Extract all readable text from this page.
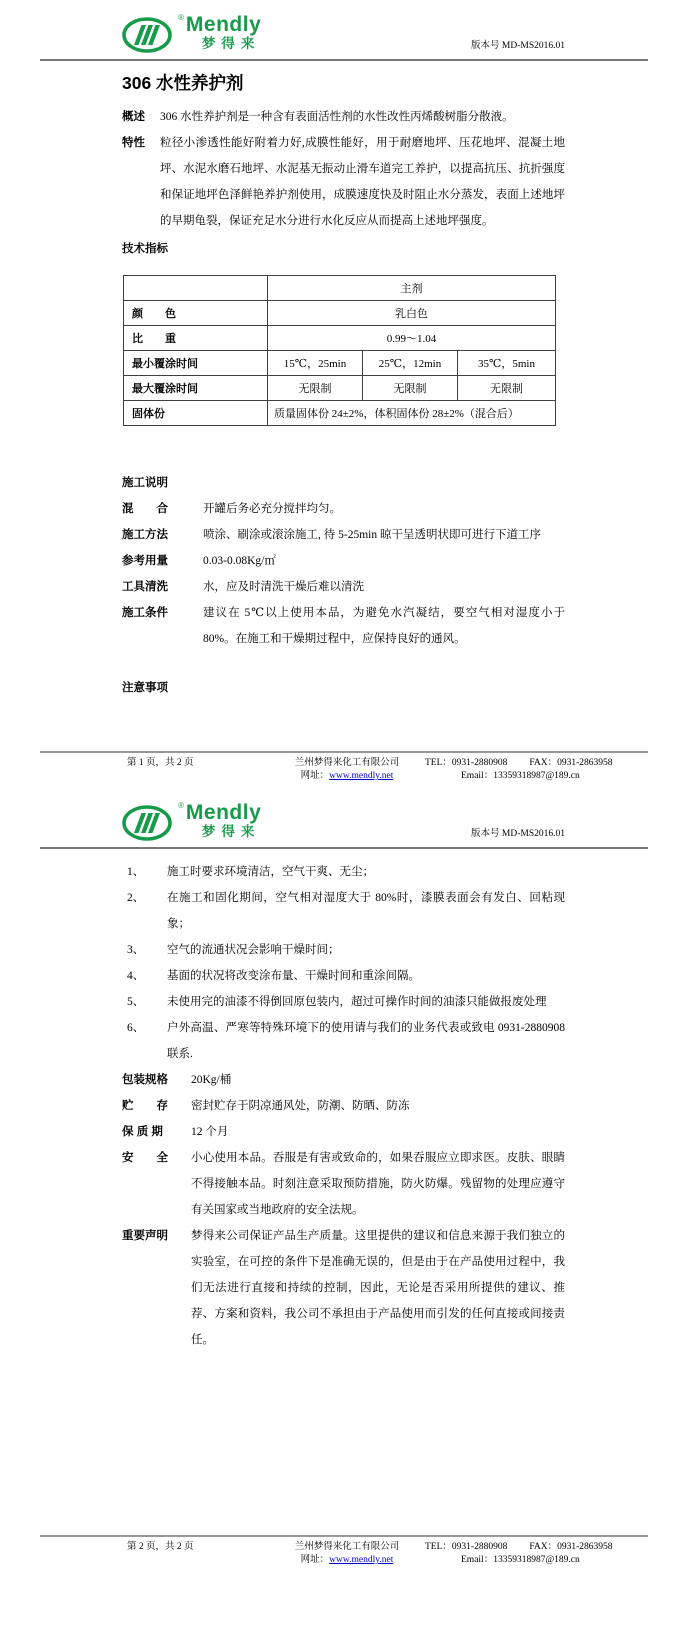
® Mendly
梦得来	版本号 MD-MS2016.01
306 水性养护剂
概述	306 水性养护剂是一种含有表面活性剂的水性改性丙烯酸树脂分散液。
特性	粒径小渗透性能好附着力好,成膜性能好，用于耐磨地坪、压花地坪、混凝土地坪、水泥水磨石地坪、水泥基无振动止滑车道完工养护，以提高抗压、抗折强度和保证地坪色泽鲜艳养护剂使用，成膜速度快及时阻止水分蒸发，表面上述地坪的早期龟裂，保证充足水分进行水化反应从而提高上述地坪强度。
技术指标
	主剂		
颜　　色	乳白色		
比　　重	0.99～1.04		
最小覆涂时间	15℃，25min	25℃，12min	35℃，5min
最大覆涂时间	无限制	无限制	无限制
固体份	质量固体份 24±2%，体积固体份 28±2%（混合后）		
施工说明
混　　合	开罐后务必充分搅拌均匀。
施工方法	喷涂、刷涂或滚涂施工, 待 5-25min 晾干呈透明状即可进行下道工序
参考用量	0.03-0.08Kg/㎡
工具清洗	水，应及时清洗干燥后难以清洗
施工条件	建议在 5℃以上使用本品，为避免水汽凝结，要空气相对湿度小于 80%。在施工和干燥期过程中，应保持良好的通风。
注意事项
第 1 页，共 2 页	兰州梦得来化工有限公司
网址：www.mendly.net
TEL：0931-2880908 FAX：0931-2863958
Email：13359318987@189.cn
® Mendly
梦得来	版本号 MD-MS2016.01
1、	施工时要求环境清洁，空气干爽、无尘；
2、	在施工和固化期间，空气相对湿度大于 80%时，漆膜表面会有发白、回粘现象；
3、	空气的流通状况会影响干燥时间；
4、	基面的状况将改变涂布量、干燥时间和重涂间隔。
5、	未使用完的油漆不得倒回原包装内，超过可操作时间的油漆只能做报废处理
6、	户外高温、严寒等特殊环境下的使用请与我们的业务代表或致电 0931-2880908 联系.
包装规格	20Kg/桶
贮　　存	密封贮存于阴凉通风处，防潮、防晒、防冻
保 质 期	12 个月
安　　全	小心使用本品。吞服是有害或致命的，如果吞服应立即求医。皮肤、眼睛不得接触本品。时刻注意采取预防措施，防火防爆。残留物的处理应遵守有关国家或当地政府的安全法规。
重要声明	梦得来公司保证产品生产质量。这里提供的建议和信息来源于我们独立的实验室，在可控的条件下是准确无误的，但是由于在产品使用过程中，我们无法进行直接和持续的控制，因此，无论是否采用所提供的建议、推荐、方案和资料，我公司不承担由于产品使用而引发的任何直接或间接责任。
第 2 页，共 2 页	兰州梦得来化工有限公司
网址：www.mendly.net
TEL：0931-2880908 FAX：0931-2863958
Email：13359318987@189.cn
